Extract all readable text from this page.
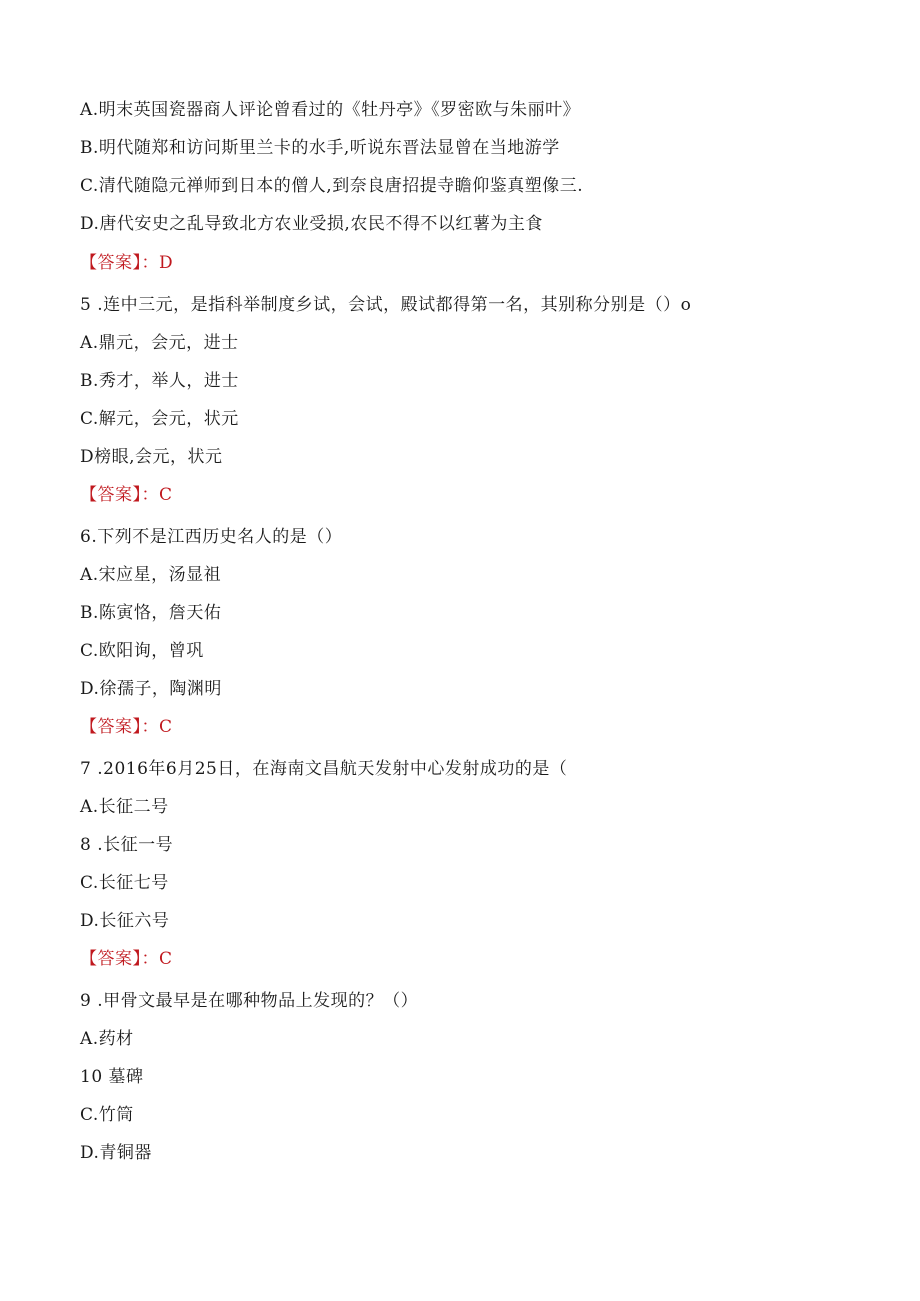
A.明末英国瓷器商人评论曾看过的《牡丹亭》《罗密欧与朱丽叶》
B.明代随郑和访问斯里兰卡的水手,听说东晋法显曾在当地游学
C.清代随隐元禅师到日本的僧人,到奈良唐招提寺瞻仰鉴真塑像三.
D.唐代安史之乱导致北方农业受损,农民不得不以红薯为主食
【答案】：D
5 .连中三元，是指科举制度乡试，会试，殿试都得第一名，其别称分别是（）o
A.鼎元，会元，进士
B.秀才，举人，进士
C.解元，会元，状元
D榜眼,会元，状元
【答案】：C
6.下列不是江西历史名人的是（）
A.宋应星，汤显祖
B.陈寅恪，詹天佑
C.欧阳询，曾巩
D.徐孺子，陶渊明
【答案】：C
7 .2016年6月25日，在海南文昌航天发射中心发射成功的是（
A.长征二号
8 .长征一号
C.长征七号
D.长征六号
【答案】：C
9 .甲骨文最早是在哪种物品上发现的？（）
A.药材
10 墓碑
C.竹筒
D.青铜器
